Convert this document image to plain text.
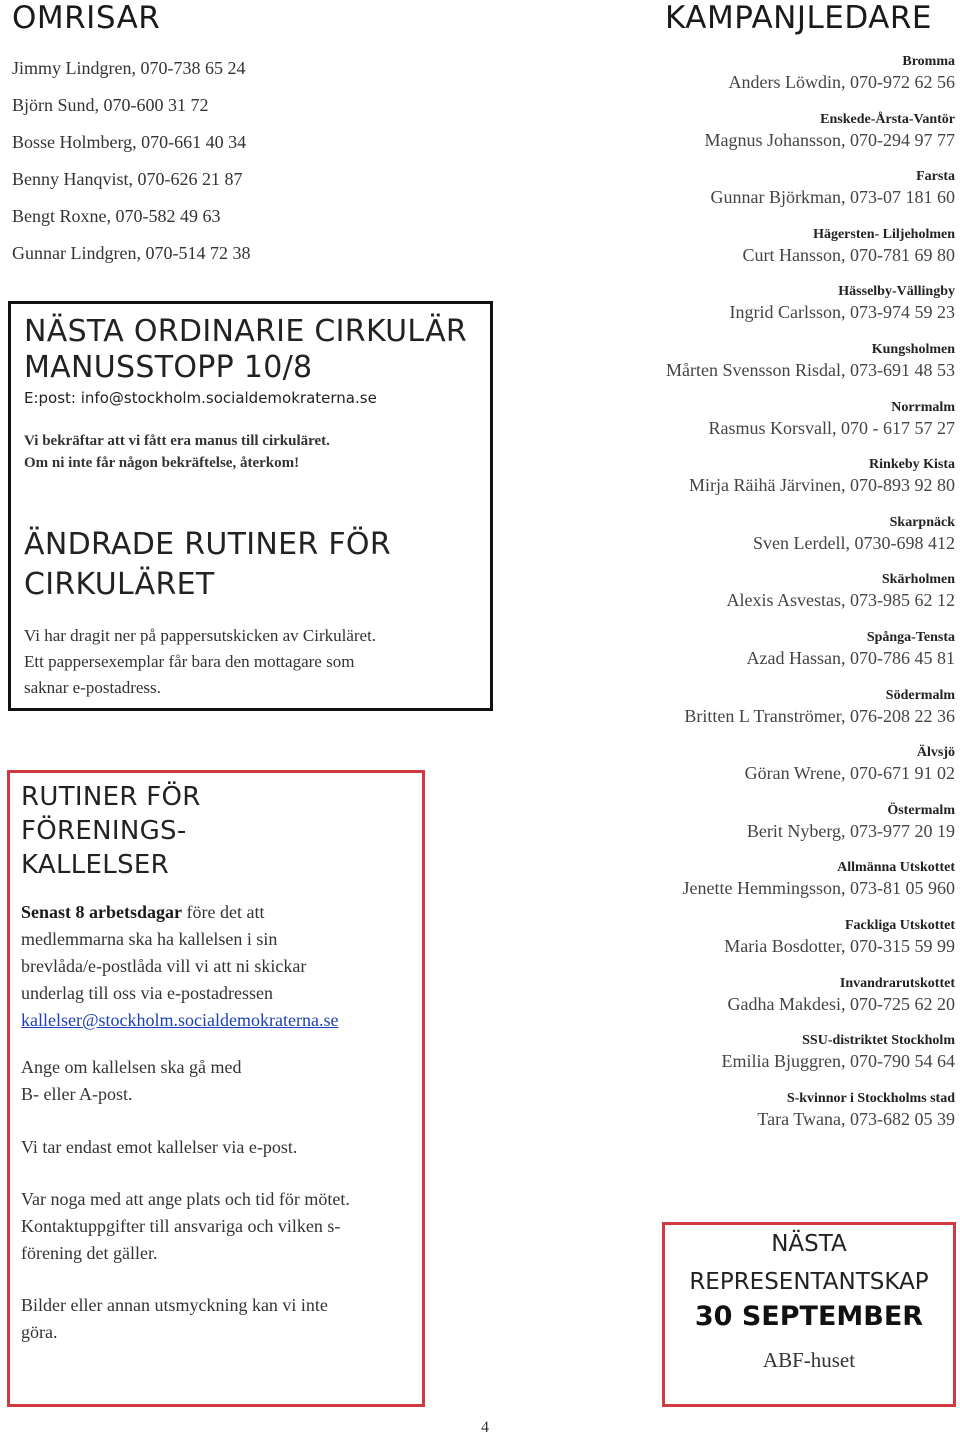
OMRISAR
Jimmy Lindgren, 070-738 65 24
Björn Sund, 070-600 31 72
Bosse Holmberg, 070-661 40 34
Benny Hanqvist, 070-626 21 87
Bengt Roxne, 070-582 49 63
Gunnar Lindgren, 070-514 72 38
NÄSTA ORDINARIE CIRKULÄR
MANUSSTOPP 10/8
E:post: info@stockholm.socialdemokraterna.se
Vi bekräftar att vi fått era manus till cirkuläret.
Om ni inte får någon bekräftelse, återkom!
ÄNDRADE RUTINER FÖR
CIRKULÄRET
Vi har dragit ner på pappersutskicken av Cirkuläret.
Ett pappersexemplar får bara den mottagare som
saknar e-postadress.
RUTINER FÖR
FÖRENINGS-
KALLELSER
Senast 8 arbetsdagar före det att
medlemmarna ska ha kallelsen i sin
brevlåda/e-postlåda vill vi att ni skickar
underlag till oss via e-postadressen
kallelser@stockholm.socialdemokraterna.se
Ange om kallelsen ska gå med
B- eller A-post.
Vi tar endast emot kallelser via e-post.
Var noga med att ange plats och tid för mötet.
Kontaktuppgifter till ansvariga och vilken s-
förening det gäller.
Bilder eller annan utsmyckning kan vi inte
göra.
KAMPANJLEDARE
Bromma
Anders Löwdin, 070-972 62 56
Enskede-Årsta-Vantör
Magnus Johansson, 070-294 97 77
Farsta
Gunnar Björkman, 073-07 181 60
Hägersten- Liljeholmen
Curt Hansson, 070-781 69 80
Hässelby-Vällingby
Ingrid Carlsson, 073-974 59 23
Kungsholmen
Mårten Svensson Risdal, 073-691 48 53
Norrmalm
Rasmus Korsvall, 070 - 617 57 27
Rinkeby Kista
Mirja Räihä Järvinen, 070-893 92 80
Skarpnäck
Sven Lerdell, 0730-698 412
Skärholmen
Alexis Asvestas, 073-985 62 12
Spånga-Tensta
Azad Hassan, 070-786 45 81
Södermalm
Britten L Tranströmer, 076-208 22 36
Älvsjö
Göran Wrene, 070-671 91 02
Östermalm
Berit Nyberg, 073-977 20 19
Allmänna Utskottet
Jenette Hemmingsson, 073-81 05 960
Fackliga Utskottet
Maria Bosdotter, 070-315 59 99
Invandrarutskottet
Gadha Makdesi, 070-725 62 20
SSU-distriktet Stockholm
Emilia Bjuggren, 070-790 54 64
S-kvinnor i Stockholms stad
Tara Twana, 073-682 05 39
NÄSTA
REPRESENTANTSKAP
30 SEPTEMBER
ABF-huset
4
